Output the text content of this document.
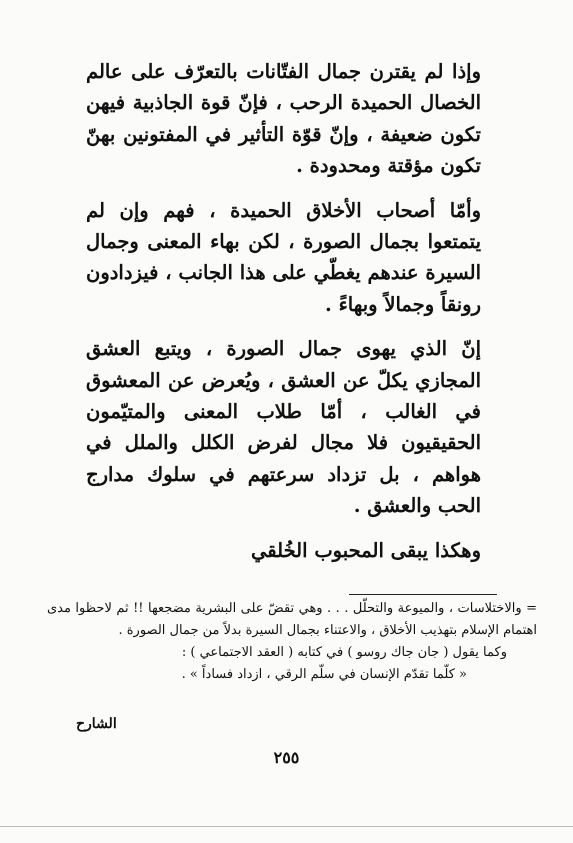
وإذا لم يقترن جمال الفتّانات بالتعرّف على عالم الخصال الحميدة الرحب ، فإنّ قوة الجاذبية فيهن تكون ضعيفة ، وإنّ قوّة التأثير في المفتونين بهنّ تكون مؤقتة ومحدودة .

وأمّا أصحاب الأخلاق الحميدة ، فهم وإن لم يتمتعوا بجمال الصورة ، لكن بهاء المعنى وجمال السيرة عندهم يغطّي على هذا الجانب ، فيزدادون رونقاً وجمالاً وبهاءً .

إنّ الذي يهوى جمال الصورة ، ويتبع العشق المجازي يكلّ عن العشق ، ويُعرض عن المعشوق في الغالب ، أمّا طلاب المعنى والمتيّمون الحقيقيون فلا مجال لفرض الكلل والملل في هواهم ، بل تزداد سرعتهم في سلوك مدارج الحب والعشق .

وهكذا يبقى المحبوب الخُلقي

= والاختلاسات ، والميوعة والتحلّل . . . وهي تقضّ على البشرية مضجعها !! ثم لاحظوا مدى اهتمام الإسلام بتهذيب الأخلاق ، والاعتناء بجمال السيرة بدلاً من جمال الصورة .

وكما يقول ( جان جاك روسو ) في كتابه ( العقد الاجتماعي ) :

« كلّما تقدّم الإنسان في سلّم الرقي ، ازداد فساداً » .

الشارح
٢٥٥
